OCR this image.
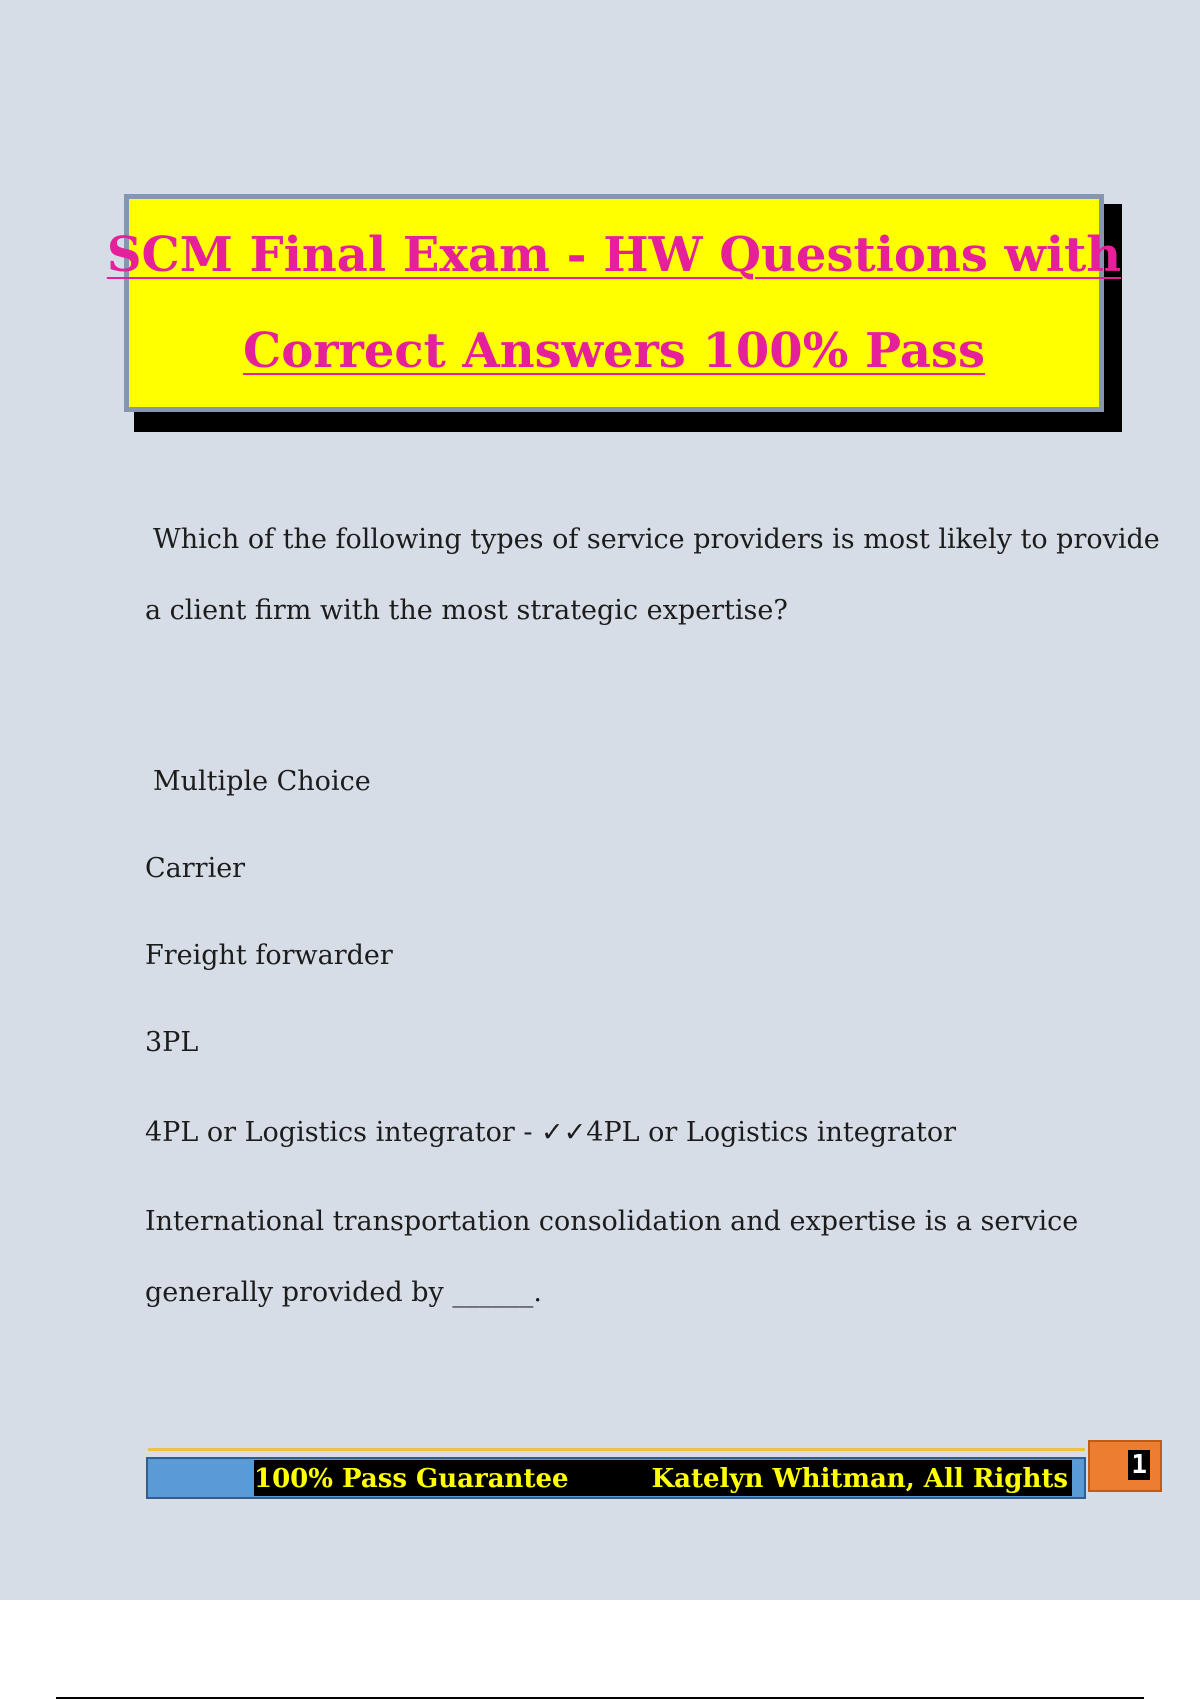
SCM Final Exam - HW Questions with
Correct Answers 100% Pass
Which of the following types of service providers is most likely to provide
a client firm with the most strategic expertise?
Multiple Choice
Carrier
Freight forwarder
3PL
4PL or Logistics integrator - ✓✓4PL or Logistics integrator
International transportation consolidation and expertise is a service
generally provided by ______.
100% Pass Guarantee	Katelyn Whitman, All Rights 1
